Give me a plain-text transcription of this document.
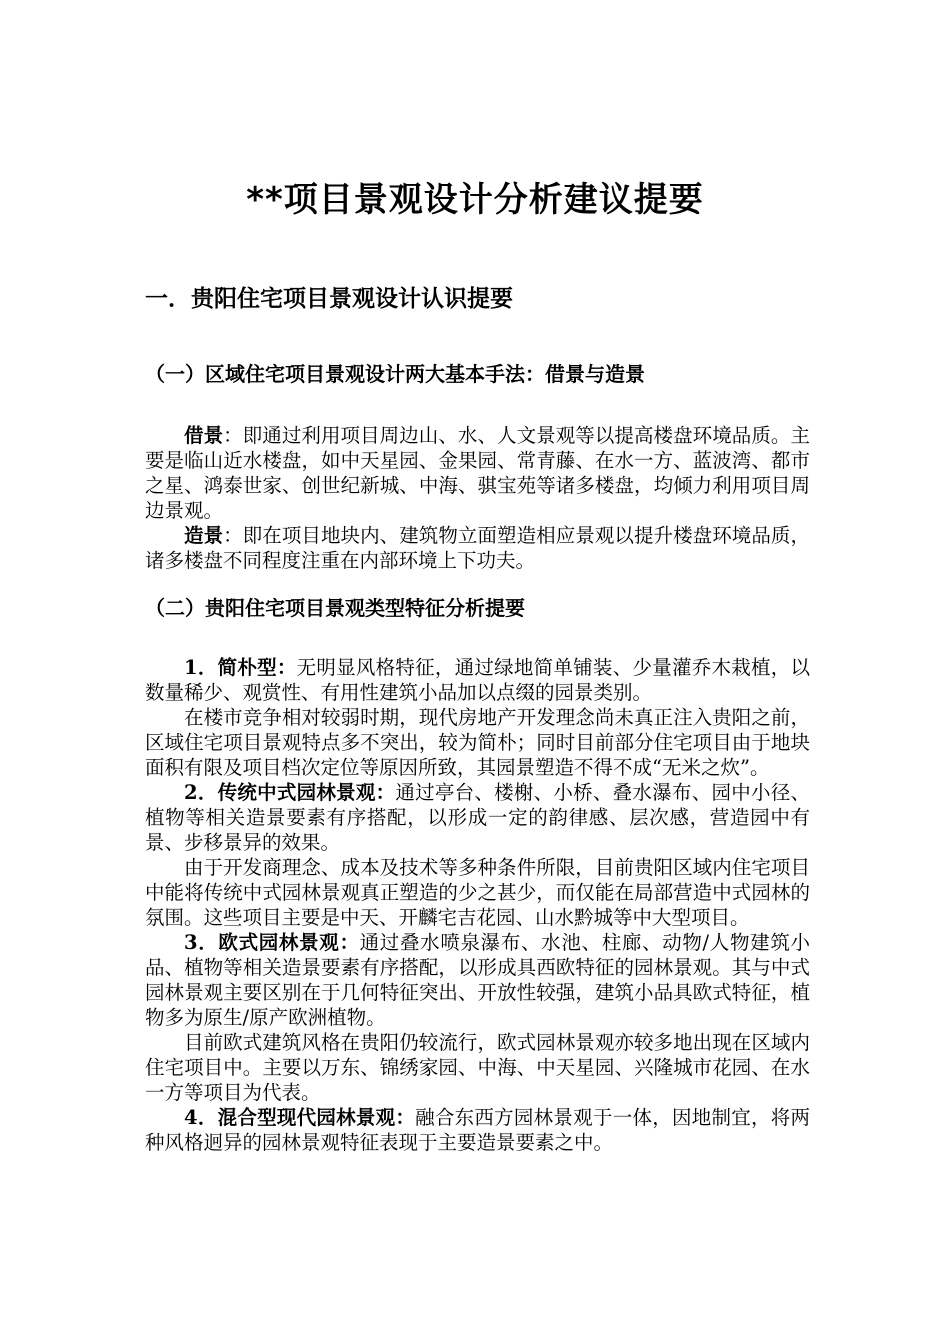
**项目景观设计分析建议提要
一．贵阳住宅项目景观设计认识提要
（一）区域住宅项目景观设计两大基本手法：借景与造景

借景：即通过利用项目周边山、水、人文景观等以提高楼盘环境品质。主要是临山近水楼盘，如中天星园、金果园、常青藤、在水一方、蓝波湾、都市之星、鸿泰世家、创世纪新城、中海、骐宝苑等诸多楼盘，均倾力利用项目周边景观。

造景：即在项目地块内、建筑物立面塑造相应景观以提升楼盘环境品质，诸多楼盘不同程度注重在内部环境上下功夫。

（二）贵阳住宅项目景观类型特征分析提要

1．简朴型：无明显风格特征，通过绿地简单铺装、少量灌乔木栽植，以数量稀少、观赏性、有用性建筑小品加以点缀的园景类别。

在楼市竞争相对较弱时期，现代房地产开发理念尚未真正注入贵阳之前，区域住宅项目景观特点多不突出，较为简朴；同时目前部分住宅项目由于地块面积有限及项目档次定位等原因所致，其园景塑造不得不成“无米之炊”。

2．传统中式园林景观：通过亭台、楼榭、小桥、叠水瀑布、园中小径、植物等相关造景要素有序搭配，以形成一定的韵律感、层次感，营造园中有景、步移景异的效果。

由于开发商理念、成本及技术等多种条件所限，目前贵阳区域内住宅项目中能将传统中式园林景观真正塑造的少之甚少，而仅能在局部营造中式园林的氛围。这些项目主要是中天、开麟宅吉花园、山水黔城等中大型项目。

3．欧式园林景观：通过叠水喷泉瀑布、水池、柱廊、动物/人物建筑小品、植物等相关造景要素有序搭配，以形成具西欧特征的园林景观。其与中式园林景观主要区别在于几何特征突出、开放性较强，建筑小品具欧式特征，植物多为原生/原产欧洲植物。

目前欧式建筑风格在贵阳仍较流行，欧式园林景观亦较多地出现在区域内住宅项目中。主要以万东、锦绣家园、中海、中天星园、兴隆城市花园、在水一方等项目为代表。

4．混合型现代园林景观：融合东西方园林景观于一体，因地制宜，将两种风格迥异的园林景观特征表现于主要造景要素之中。
